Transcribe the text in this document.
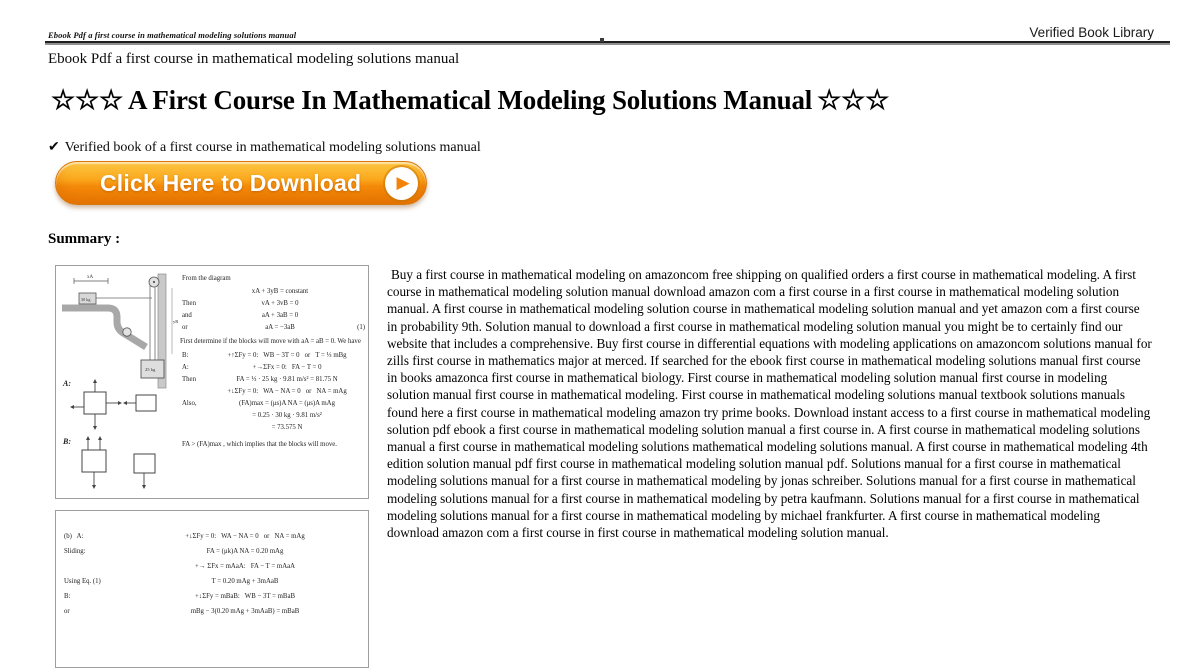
Ebook Pdf a first course in mathematical modeling solutions manual	Verified Book Library
Ebook Pdf a first course in mathematical modeling solutions manual
☆☆☆ A First Course In Mathematical Modeling Solutions Manual ☆☆☆
✔ Verified book of a first course in mathematical modeling solutions manual
Click Here to Download ▶
Summary :
xA
30 kg
25 kg
yB
A:
B:
From the diagram
xA + 3yB = constant
Then	vA + 3vB = 0
and	aA + 3aB = 0
or	aA = −3aB	(1)
First determine if the blocks will move with aA = aB = 0. We have
B:	+↑ΣFy = 0:   WB − 3T = 0   or   T = ⅓ mBg
A:	+→ΣFx = 0:   FA − T = 0
Then	FA = ⅓ · 25 kg · 9.81 m/s² = 81.75 N
+↓ΣFy = 0:   WA − NA = 0   or   NA = mAg
Also,	(FA)max = (μs)A NA = (μs)A mAg
= 0.25 · 30 kg · 9.81 m/s²
= 73.575 N
FA > (FA)max , which implies that the blocks will move.
(b)   A:	+↓ΣFy = 0:   WA − NA = 0   or   NA = mAg
Sliding:	FA = (μk)A NA = 0.20 mAg
+→ ΣFx = mAaA:   FA − T = mAaA
Using Eq. (1)	T = 0.20 mAg + 3mAaB
B:	+↓ΣFy = mBaB:   WB − 3T = mBaB
or	mBg − 3(0.20 mAg + 3mAaB) = mBaB
Buy a first course in mathematical modeling on amazoncom free shipping on qualified orders a first course in mathematical modeling. A first course in mathematical modeling solution manual download amazon com a first course in a first course in mathematical modeling solution manual. A first course in mathematical modeling solution course in mathematical modeling solution manual and yet amazon com a first course in probability 9th. Solution manual to download a first course in mathematical modeling solution manual you might be to certainly find our website that includes a comprehensive. Buy first course in differential equations with modeling applications on amazoncom solutions manual for zills first course in mathematics major at merced. If searched for the ebook first course in mathematical modeling solutions manual first course in books amazonca first course in mathematical biology. First course in mathematical modeling solution manual first course in modeling solution manual first course in mathematical modeling. First course in mathematical modeling solutions manual textbook solutions manuals found here a first course in mathematical modeling amazon try prime books. Download instant access to a first course in mathematical modeling solution pdf ebook a first course in mathematical modeling solution manual a first course in. A first course in mathematical modeling solutions manual a first course in mathematical modeling solutions mathematical modeling solutions manual. A first course in mathematical modeling 4th edition solution manual pdf first course in mathematical modeling solution manual pdf. Solutions manual for a first course in mathematical modeling solutions manual for a first course in mathematical modeling by jonas schreiber. Solutions manual for a first course in mathematical modeling solutions manual for a first course in mathematical modeling by petra kaufmann. Solutions manual for a first course in mathematical modeling solutions manual for a first course in mathematical modeling by michael frankfurter. A first course in mathematical modeling download amazon com a first course in first course in mathematical modeling solution manual.
